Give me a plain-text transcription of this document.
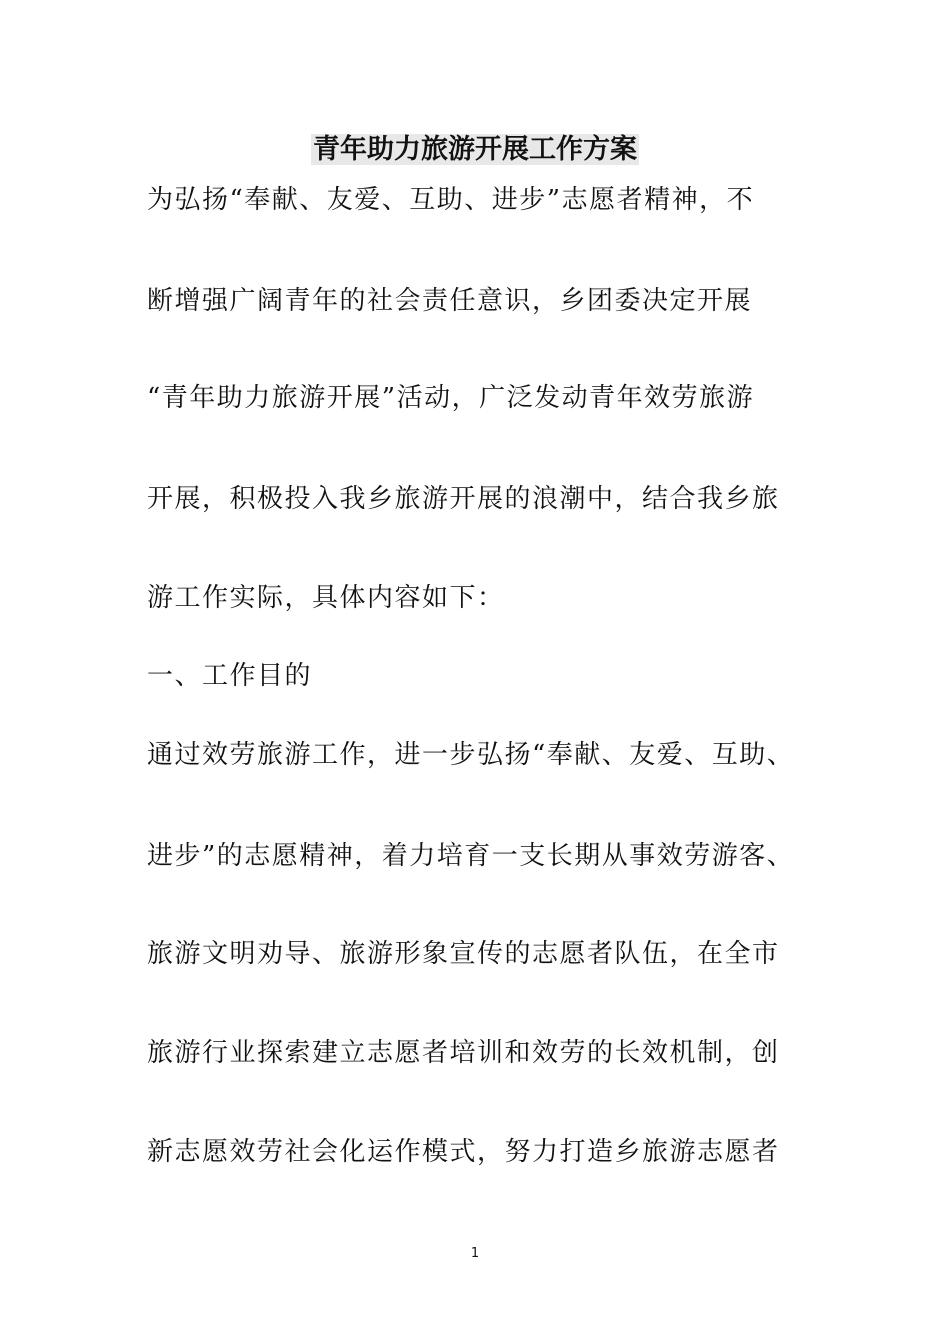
青年助力旅游开展工作方案
为弘扬“奉献、友爱、互助、进步”志愿者精神，不
断增强广阔青年的社会责任意识，乡团委决定开展
“青年助力旅游开展”活动，广泛发动青年效劳旅游
开展，积极投入我乡旅游开展的浪潮中，结合我乡旅
游工作实际，具体内容如下：
一、工作目的
通过效劳旅游工作，进一步弘扬“奉献、友爱、互助、
进步”的志愿精神，着力培育一支长期从事效劳游客、
旅游文明劝导、旅游形象宣传的志愿者队伍，在全市
旅游行业探索建立志愿者培训和效劳的长效机制，创
新志愿效劳社会化运作模式，努力打造乡旅游志愿者
1
